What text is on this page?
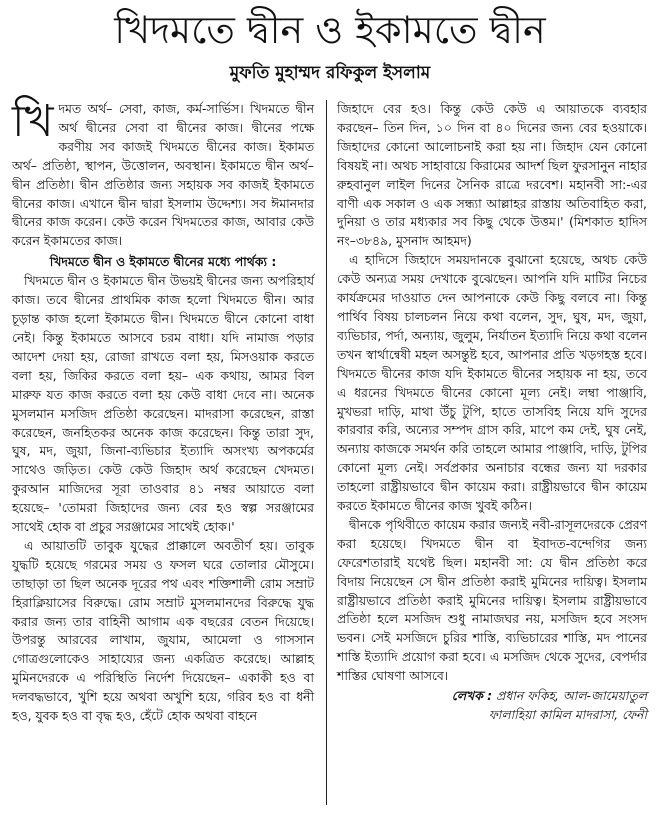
খিদমতে দ্বীন ও ইকামতে দ্বীন
মুফতি মুহাম্মদ রফিকুল ইসলাম
খি দমত অর্থ– সেবা, কাজ, কর্ম-সার্ভিস। খিদমতে দ্বীন অর্থ দ্বীনের সেবা বা দ্বীনের কাজ। দ্বীনের পক্ষে করণীয় সব কাজই খিদমতে দ্বীনের কাজ। ইকামত অর্থ– প্রতিষ্ঠা, স্থাপন, উত্তোলন, অবস্থান। ইকামতে দ্বীন অর্থ– দ্বীন প্রতিষ্ঠা। দ্বীন প্রতিষ্ঠার জন্য সহায়ক সব কাজই ইকামতে দ্বীনের কাজ। এখানে দ্বীন দ্বারা ইসলাম উদ্দেশ্য। সব ঈমানদার দ্বীনের কাজ করেন। কেউ করেন খিদমতের কাজ, আবার কেউ করেন ইকামতের কাজ।

খিদমতে দ্বীন ও ইকামতে দ্বীনের মধ্যে পার্থক্য :

খিদমতে দ্বীন ও ইকামতে দ্বীন উভয়ই দ্বীনের জন্য অপরিহার্য কাজ। তবে দ্বীনের প্রাথমিক কাজ হলো খিদমতে দ্বীন। আর চূড়ান্ত কাজ হলো ইকামতে দ্বীন। খিদমতে দ্বীনে কোনো বাধা নেই। কিন্তু ইকামতে আসবে চরম বাধা। যদি নামাজ পড়ার আদেশ দেয়া হয়, রোজা রাখতে বলা হয়, মিসওয়াক করতে বলা হয়, জিকির করতে বলা হয়– এক কথায়, আমর বিল মারুফ যত কাজ করতে বলা হয় কেউ বাধা দেবে না। অনেক মুসলমান মসজিদ প্রতিষ্ঠা করেছেন। মাদরাসা করেছেন, রাস্তা করেছেন, জনহিতকর অনেক কাজ করেছেন। কিন্তু তারা সুদ, ঘুষ, মদ, জুয়া, জিনা-ব্যভিচার ইত্যাদি অসংখ্য অপকর্মের সাথেও জড়িত। কেউ কেউ জিহাদ অর্থ করেছেন খেদমত। কুরআন মাজিদের সূরা তাওবার ৪১ নম্বর আয়াতে বলা হয়েছে– 'তোমরা জিহাদের জন্য বের হও স্বল্প সরঞ্জামের সাথেই হোক বা প্রচুর সরঞ্জামের সাথেই হোক।'

এ আয়াতটি তাবুক যুদ্ধের প্রাক্কালে অবতীর্ণ হয়। তাবুক যুদ্ধটি হয়েছে গরমের সময় ও ফসল ঘরে তোলার মৌসুমে। তাছাড়া তা ছিল অনেক দূরের পথ এবং শক্তিশালী রোম সম্রাট হিরাক্লিয়াসের বিরুদ্ধে। রোম সম্রাট মুসলমানদের বিরুদ্ধে যুদ্ধ করার জন্য তার বাহিনী আগাম এক বছরের বেতন দিয়েছে। উপরন্তু আরবের লাখাম, জুযাম, আমেলা ও গাসসান গোত্রগুলোকেও সাহায্যের জন্য একত্রিত করেছে। আল্লাহ মুমিনদেরকে এ পরিস্থিতি নির্দেশ দিয়েছেন– একাকী হও বা দলবদ্ধভাবে, খুশি হয়ে অথবা অখুশি হয়ে, গরিব হও বা ধনী হও, যুবক হও বা বৃদ্ধ হও, হেঁটে হোক অথবা বাহনে

জিহাদে বের হও। কিন্তু কেউ কেউ এ আয়াতকে ব্যবহার করছেন– তিন দিন, ১০ দিন বা ৪০ দিনের জন্য বের হওয়াকে। জিহাদের কোনো আলোচনাই করা হয় না। জিহাদ যেন কোনো বিষয়ই না। অথচ সাহাবায়ে কিরামের আদর্শ ছিল ফুরসানুন নাহার রুহবানুল লাইল দিনের সৈনিক রাত্রে দরবেশ। মহানবী সা:-এর বাণী এক সকাল ও এক সন্ধ্যা আল্লাহর রাস্তায় অতিবাহিত করা, দুনিয়া ও তার মধ্যকার সব কিছু থেকে উত্তম।' (মিশকাত হাদিস নং–৩৮৪৯, মুসনাদ আহমদ)

এ হাদিসে জিহাদে সময়দানকে বুঝানো হয়েছে, অথচ কেউ কেউ অন্যত্র সময় দেখাকে বুঝেছেন। আপনি যদি মাটির নিচের কার্যক্রমের দাওয়াত দেন আপনাকে কেউ কিছু বলবে না। কিন্তু পার্থিব বিষয় চালচলন নিয়ে কথা বলেন, সুদ, ঘুষ, মদ, জুয়া, ব্যভিচার, পর্দা, অন্যায়, জুলুম, নির্যাতন ইত্যাদি নিয়ে কথা বলেন তখন স্বার্থান্বেষী মহল অসন্তুষ্ট হবে, আপনার প্রতি খড়গহস্ত হবে। খিদমতে দ্বীনের কাজ যদি ইকামতে দ্বীনের সহায়ক না হয়, তবে এ ধরনের খিদমতে দ্বীনের কোনো মূল্য নেই। লম্বা পাঞ্জাবি, মুখভরা দাড়ি, মাথা উঁচু টুপি, হাতে তাসবিহ নিয়ে যদি সুদের কারবার করি, অন্যের সম্পদ গ্রাস করি, মাপে কম দেই, ঘুষ নেই, অন্যায় কাজকে সমর্থন করি তাহলে আমার পাঞ্জাবি, দাড়ি, টুপির কোনো মূল্য নেই। সর্বপ্রকার অনাচার বন্ধের জন্য যা দরকার তাহলো রাষ্ট্রীয়ভাবে দ্বীন কায়েম করা। রাষ্ট্রীয়ভাবে দ্বীন কায়েম করতে ইকামতে দ্বীনের কাজ খুবই কঠিন।

দ্বীনকে পৃথিবীতে কায়েম করার জন্যই নবী-রাসূলদেরকে প্রেরণ করা হয়েছে। খিদমতে দ্বীন বা ইবাদত-বন্দেগির জন্য ফেরেশতারাই যথেষ্ট ছিল। মহানবী সা: যে দ্বীন প্রতিষ্ঠা করে বিদায় নিয়েছেন সে দ্বীন প্রতিষ্ঠা করাই মুমিনের দায়িত্ব। ইসলাম রাষ্ট্রীয়ভাবে প্রতিষ্ঠা করাই মুমিনের দায়িত্ব। ইসলাম রাষ্ট্রীয়ভাবে প্রতিষ্ঠা হলে মসজিদ শুধু নামাজঘর নয়, মসজিদ হবে সংসদ ভবন। সেই মসজিদে চুরির শাস্তি, ব্যভিচারের শাস্তি, মদ পানের শাস্তি ইত্যাদি প্রয়োগ করা হবে। এ মসজিদ থেকে সুদের, বেপর্দার শাস্তির ঘোষণা আসবে।

লেখক : প্রধান ফকিহ, আল-জামেয়াতুল
ফালাহিয়া কামিল মাদরাসা, ফেনী
